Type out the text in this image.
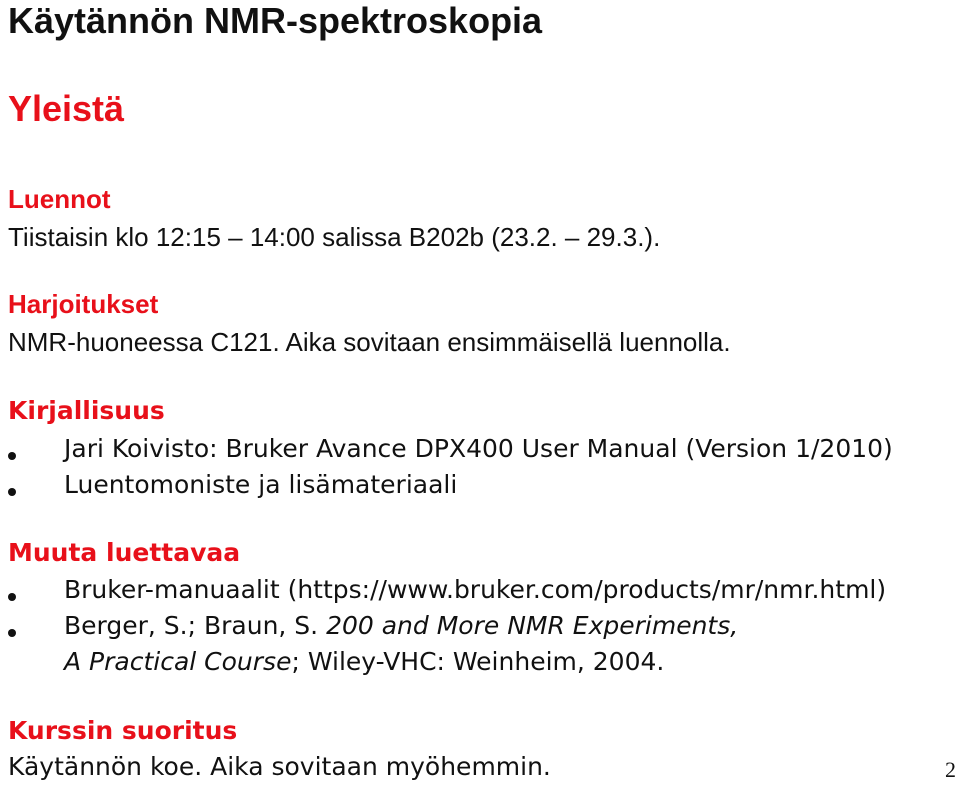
Käytännön NMR-spektroskopia
Yleistä
Luennot
Tiistaisin klo 12:15 – 14:00 salissa B202b (23.2. – 29.3.).
Harjoitukset
NMR-huoneessa C121. Aika sovitaan ensimmäisellä luennolla.
Kirjallisuus
Jari Koivisto: Bruker Avance DPX400 User Manual (Version 1/2010)
Luentomoniste ja lisämateriaali
Muuta luettavaa
Bruker-manuaalit (https://www.bruker.com/products/mr/nmr.html)
Berger, S.; Braun, S. 200 and More NMR Experiments,
A Practical Course; Wiley-VHC: Weinheim, 2004.
Kurssin suoritus
Käytännön koe. Aika sovitaan myöhemmin.	2
